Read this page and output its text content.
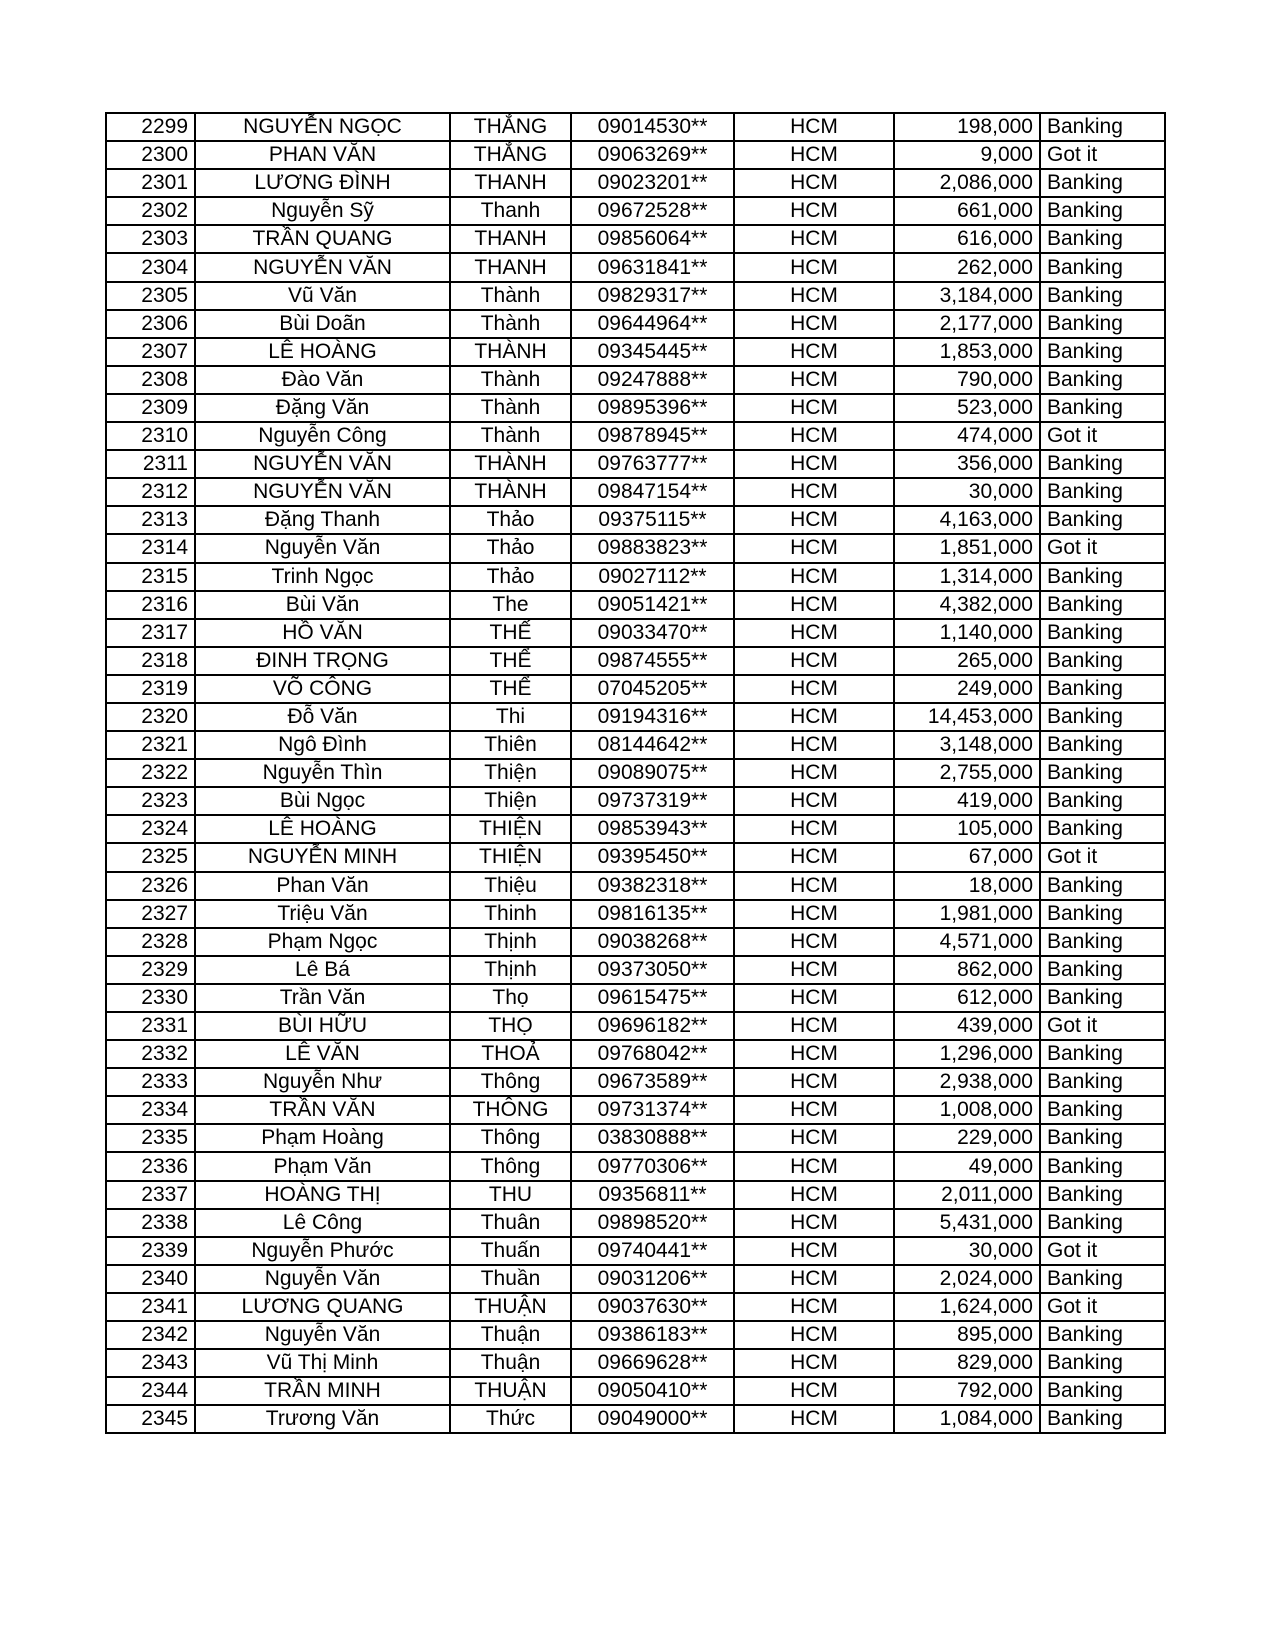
2299	NGUYỄN NGỌC	THẮNG	09014530**	HCM	198,000	Banking
2300	PHAN VĂN	THẮNG	09063269**	HCM	9,000	Got it
2301	LƯƠNG ĐÌNH	THANH	09023201**	HCM	2,086,000	Banking
2302	Nguyễn Sỹ	Thanh	09672528**	HCM	661,000	Banking
2303	TRẦN QUANG	THANH	09856064**	HCM	616,000	Banking
2304	NGUYỄN VĂN	THANH	09631841**	HCM	262,000	Banking
2305	Vũ Văn	Thành	09829317**	HCM	3,184,000	Banking
2306	Bùi Doãn	Thành	09644964**	HCM	2,177,000	Banking
2307	LÊ HOÀNG	THÀNH	09345445**	HCM	1,853,000	Banking
2308	Đào Văn	Thành	09247888**	HCM	790,000	Banking
2309	Đặng Văn	Thành	09895396**	HCM	523,000	Banking
2310	Nguyễn Công	Thành	09878945**	HCM	474,000	Got it
2311	NGUYỄN VĂN	THÀNH	09763777**	HCM	356,000	Banking
2312	NGUYỄN VĂN	THÀNH	09847154**	HCM	30,000	Banking
2313	Đặng Thanh	Thảo	09375115**	HCM	4,163,000	Banking
2314	Nguyễn Văn	Thảo	09883823**	HCM	1,851,000	Got it
2315	Trinh Ngọc	Thảo	09027112**	HCM	1,314,000	Banking
2316	Bùi Văn	The	09051421**	HCM	4,382,000	Banking
2317	HỒ VĂN	THẾ	09033470**	HCM	1,140,000	Banking
2318	ĐINH TRỌNG	THỂ	09874555**	HCM	265,000	Banking
2319	VÕ CÔNG	THỂ	07045205**	HCM	249,000	Banking
2320	Đỗ Văn	Thi	09194316**	HCM	14,453,000	Banking
2321	Ngô Đình	Thiên	08144642**	HCM	3,148,000	Banking
2322	Nguyễn Thìn	Thiện	09089075**	HCM	2,755,000	Banking
2323	Bùi Ngọc	Thiện	09737319**	HCM	419,000	Banking
2324	LÊ HOÀNG	THIỆN	09853943**	HCM	105,000	Banking
2325	NGUYỄN MINH	THIỆN	09395450**	HCM	67,000	Got it
2326	Phan Văn	Thiệu	09382318**	HCM	18,000	Banking
2327	Triệu Văn	Thinh	09816135**	HCM	1,981,000	Banking
2328	Phạm Ngọc	Thịnh	09038268**	HCM	4,571,000	Banking
2329	Lê Bá	Thịnh	09373050**	HCM	862,000	Banking
2330	Trần Văn	Thọ	09615475**	HCM	612,000	Banking
2331	BÙI HỮU	THỌ	09696182**	HCM	439,000	Got it
2332	LÊ VĂN	THOẢ	09768042**	HCM	1,296,000	Banking
2333	Nguyễn Như	Thông	09673589**	HCM	2,938,000	Banking
2334	TRẦN VĂN	THÔNG	09731374**	HCM	1,008,000	Banking
2335	Phạm Hoàng	Thông	03830888**	HCM	229,000	Banking
2336	Phạm Văn	Thông	09770306**	HCM	49,000	Banking
2337	HOÀNG THỊ	THU	09356811**	HCM	2,011,000	Banking
2338	Lê Công	Thuân	09898520**	HCM	5,431,000	Banking
2339	Nguyễn Phước	Thuấn	09740441**	HCM	30,000	Got it
2340	Nguyễn Văn	Thuần	09031206**	HCM	2,024,000	Banking
2341	LƯƠNG QUANG	THUẬN	09037630**	HCM	1,624,000	Got it
2342	Nguyễn Văn	Thuận	09386183**	HCM	895,000	Banking
2343	Vũ Thị Minh	Thuận	09669628**	HCM	829,000	Banking
2344	TRẦN MINH	THUẬN	09050410**	HCM	792,000	Banking
2345	Trương Văn	Thức	09049000**	HCM	1,084,000	Banking
